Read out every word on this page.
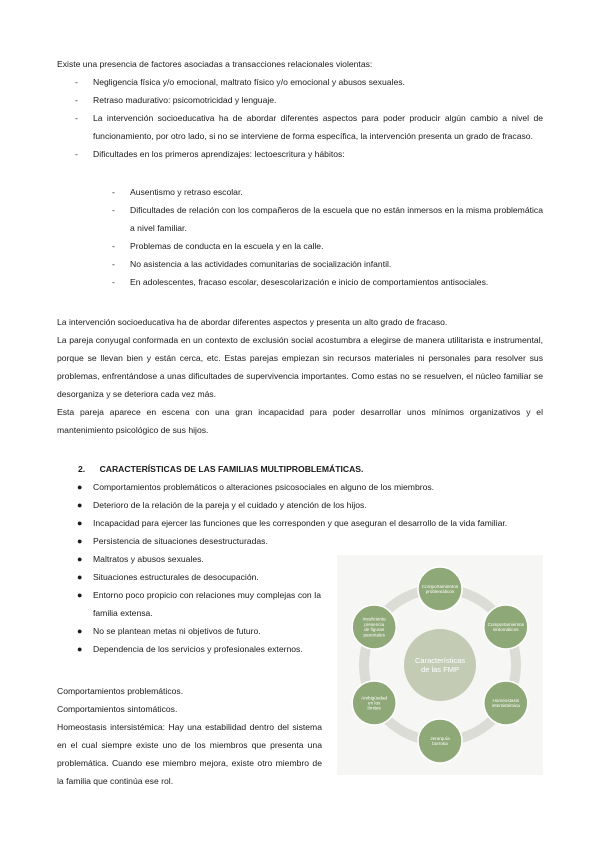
Existe una presencia de factores asociadas a transacciones relacionales violentas:

- Negligencia física y/o emocional, maltrato físico y/o emocional y abusos sexuales.
- Retraso madurativo: psicomotricidad y lenguaje.
- La intervención socioeducativa ha de abordar diferentes aspectos para poder producir algún cambio a nivel de funcionamiento, por otro lado, si no se interviene de forma específica, la intervención presenta un grado de fracaso.
- Dificultades en los primeros aprendizajes: lectoescritura y hábitos:
- Ausentismo y retraso escolar.
- Dificultades de relación con los compañeros de la escuela que no están inmersos en la misma problemática a nivel familiar.
- Problemas de conducta en la escuela y en la calle.
- No asistencia a las actividades comunitarias de socialización infantil.
- En adolescentes, fracaso escolar, desescolarización e inicio de comportamientos antisociales.

La intervención socioeducativa ha de abordar diferentes aspectos y presenta un alto grado de fracaso.

La pareja conyugal conformada en un contexto de exclusión social acostumbra a elegirse de manera utilitarista e instrumental, porque se llevan bien y están cerca, etc. Estas parejas empiezan sin recursos materiales ni personales para resolver sus problemas, enfrentándose a unas dificultades de supervivencia importantes. Como estas no se resuelven, el núcleo familiar se desorganiza y se deteriora cada vez más.

Esta pareja aparece en escena con una gran incapacidad para poder desarrollar unos mínimos organizativos y el mantenimiento psicológico de sus hijos.

2. CARACTERÍSTICAS DE LAS FAMILIAS MULTIPROBLEMÁTICAS.
● Comportamientos problemáticos o alteraciones psicosociales en alguno de los miembros.
● Deterioro de la relación de la pareja y el cuidado y atención de los hijos.
● Incapacidad para ejercer las funciones que les corresponden y que aseguran el desarrollo de la vida familiar.
● Persistencia de situaciones desestructuradas.
● Maltratos y abusos sexuales.
● Situaciones estructurales de desocupación.
● Entorno poco propicio con relaciones muy complejas con la familia extensa.
● No se plantean metas ni objetivos de futuro.
● Dependencia de los servicios y profesionales externos.

Comportamientos problemáticos.

Comportamientos sintomáticos.

Homeostasis intersistémica: Hay una estabilidad dentro del sistema en el cual siempre existe uno de los miembros que presenta una problemática. Cuando ese miembro mejora, existe otro miembro de la familia que continúa ese rol.

Comportamientos problemáticos
Comportamientos sintomáticos
Homeostasis intersistémica
Jerarquía borrosa
Ambigüedad en los límites
Insuficiente presencia de figuras parentales
Características de las FMP
